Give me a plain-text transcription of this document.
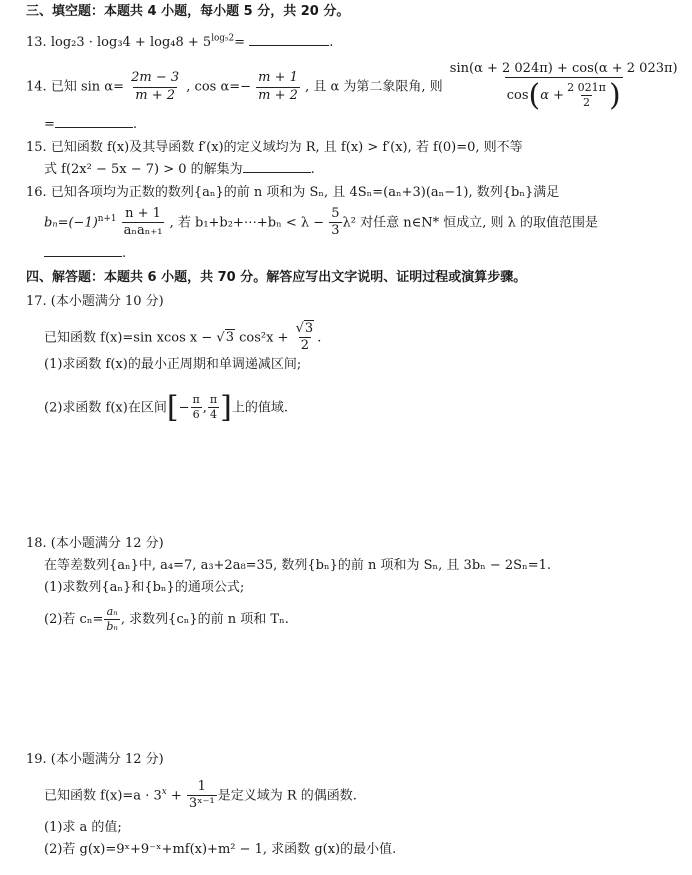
三、填空题：本题共 4 小题，每小题 5 分，共 20 分。
13. $\log_23 \cdot \log_34 + \log_48 + 5^{log_52}=$	.
14. 已知 $\sin \alpha= \frac{2m - 3}{m + 2}$ , $\cos \alpha=- \frac{m + 1}{m + 2}$ , 且 α 为第二象限角, 则 $\frac{\sin(\alpha + 2 024\pi) + \cos(\alpha + 2 023\pi)}{\cos(\alpha + \frac{2 021\pi}{2} )}$
=	.
15. 已知函数 f(x)及其导函数 f′(x)的定义域均为 R, 且 f(x) > f′(x), 若 f(0)=0, 则不等
式 f(2x² − 5x − 7) > 0 的解集为	.
16. 已知各项均为正数的数列{aₙ}的前 n 项和为 Sₙ, 且 4Sₙ=(aₙ+3)(aₙ−1), 数列{bₙ}满足
$b_n=(-1)^{n+1} \frac{n + 1}{\text{aₙaₙ₊₁}}$ , 若 b₁+b₂+⋯+bₙ < $\lambda - \frac{5}{3} \lambda^2$ 对任意 n∈N* 恒成立, 则 λ 的取值范围是
.
四、解答题：本题共 6 小题，共 70 分。解答应写出文字说明、证明过程或演算步骤。
17. (本小题满分 10 分)
已知函数 f(x)=sin xcos x − √3 $\cos^2x + \frac{√3}{2}$ .
(1)求函数 f(x)的最小正周期和单调递减区间;
(2)求函数 f(x)在区间[− $\frac{\pi}{6}$ , $\frac{\pi}{4}$ ]上的值域.
18. (本小题满分 12 分)
在等差数列{aₙ}中, a₄=7, a₃+2a₈=35, 数列{bₙ}的前 n 项和为 Sₙ, 且 3bₙ − 2Sₙ=1.
(1)求数列{aₙ}和{bₙ}的通项公式;
(2)若 $c_n= \frac{\text{aₙ}}{\text{bₙ}}$ , 求数列{cₙ}的前 n 项和 Tₙ.
19. (本小题满分 12 分)
已知函数 $f(x)=a \cdot 3^x + \frac{1}{\text{3ˣ⁻¹}}$ 是定义域为 R 的偶函数.
(1)求 a 的值;
(2)若 g(x)=9ˣ+9⁻ˣ+mf(x)+m² − 1, 求函数 g(x)的最小值.
